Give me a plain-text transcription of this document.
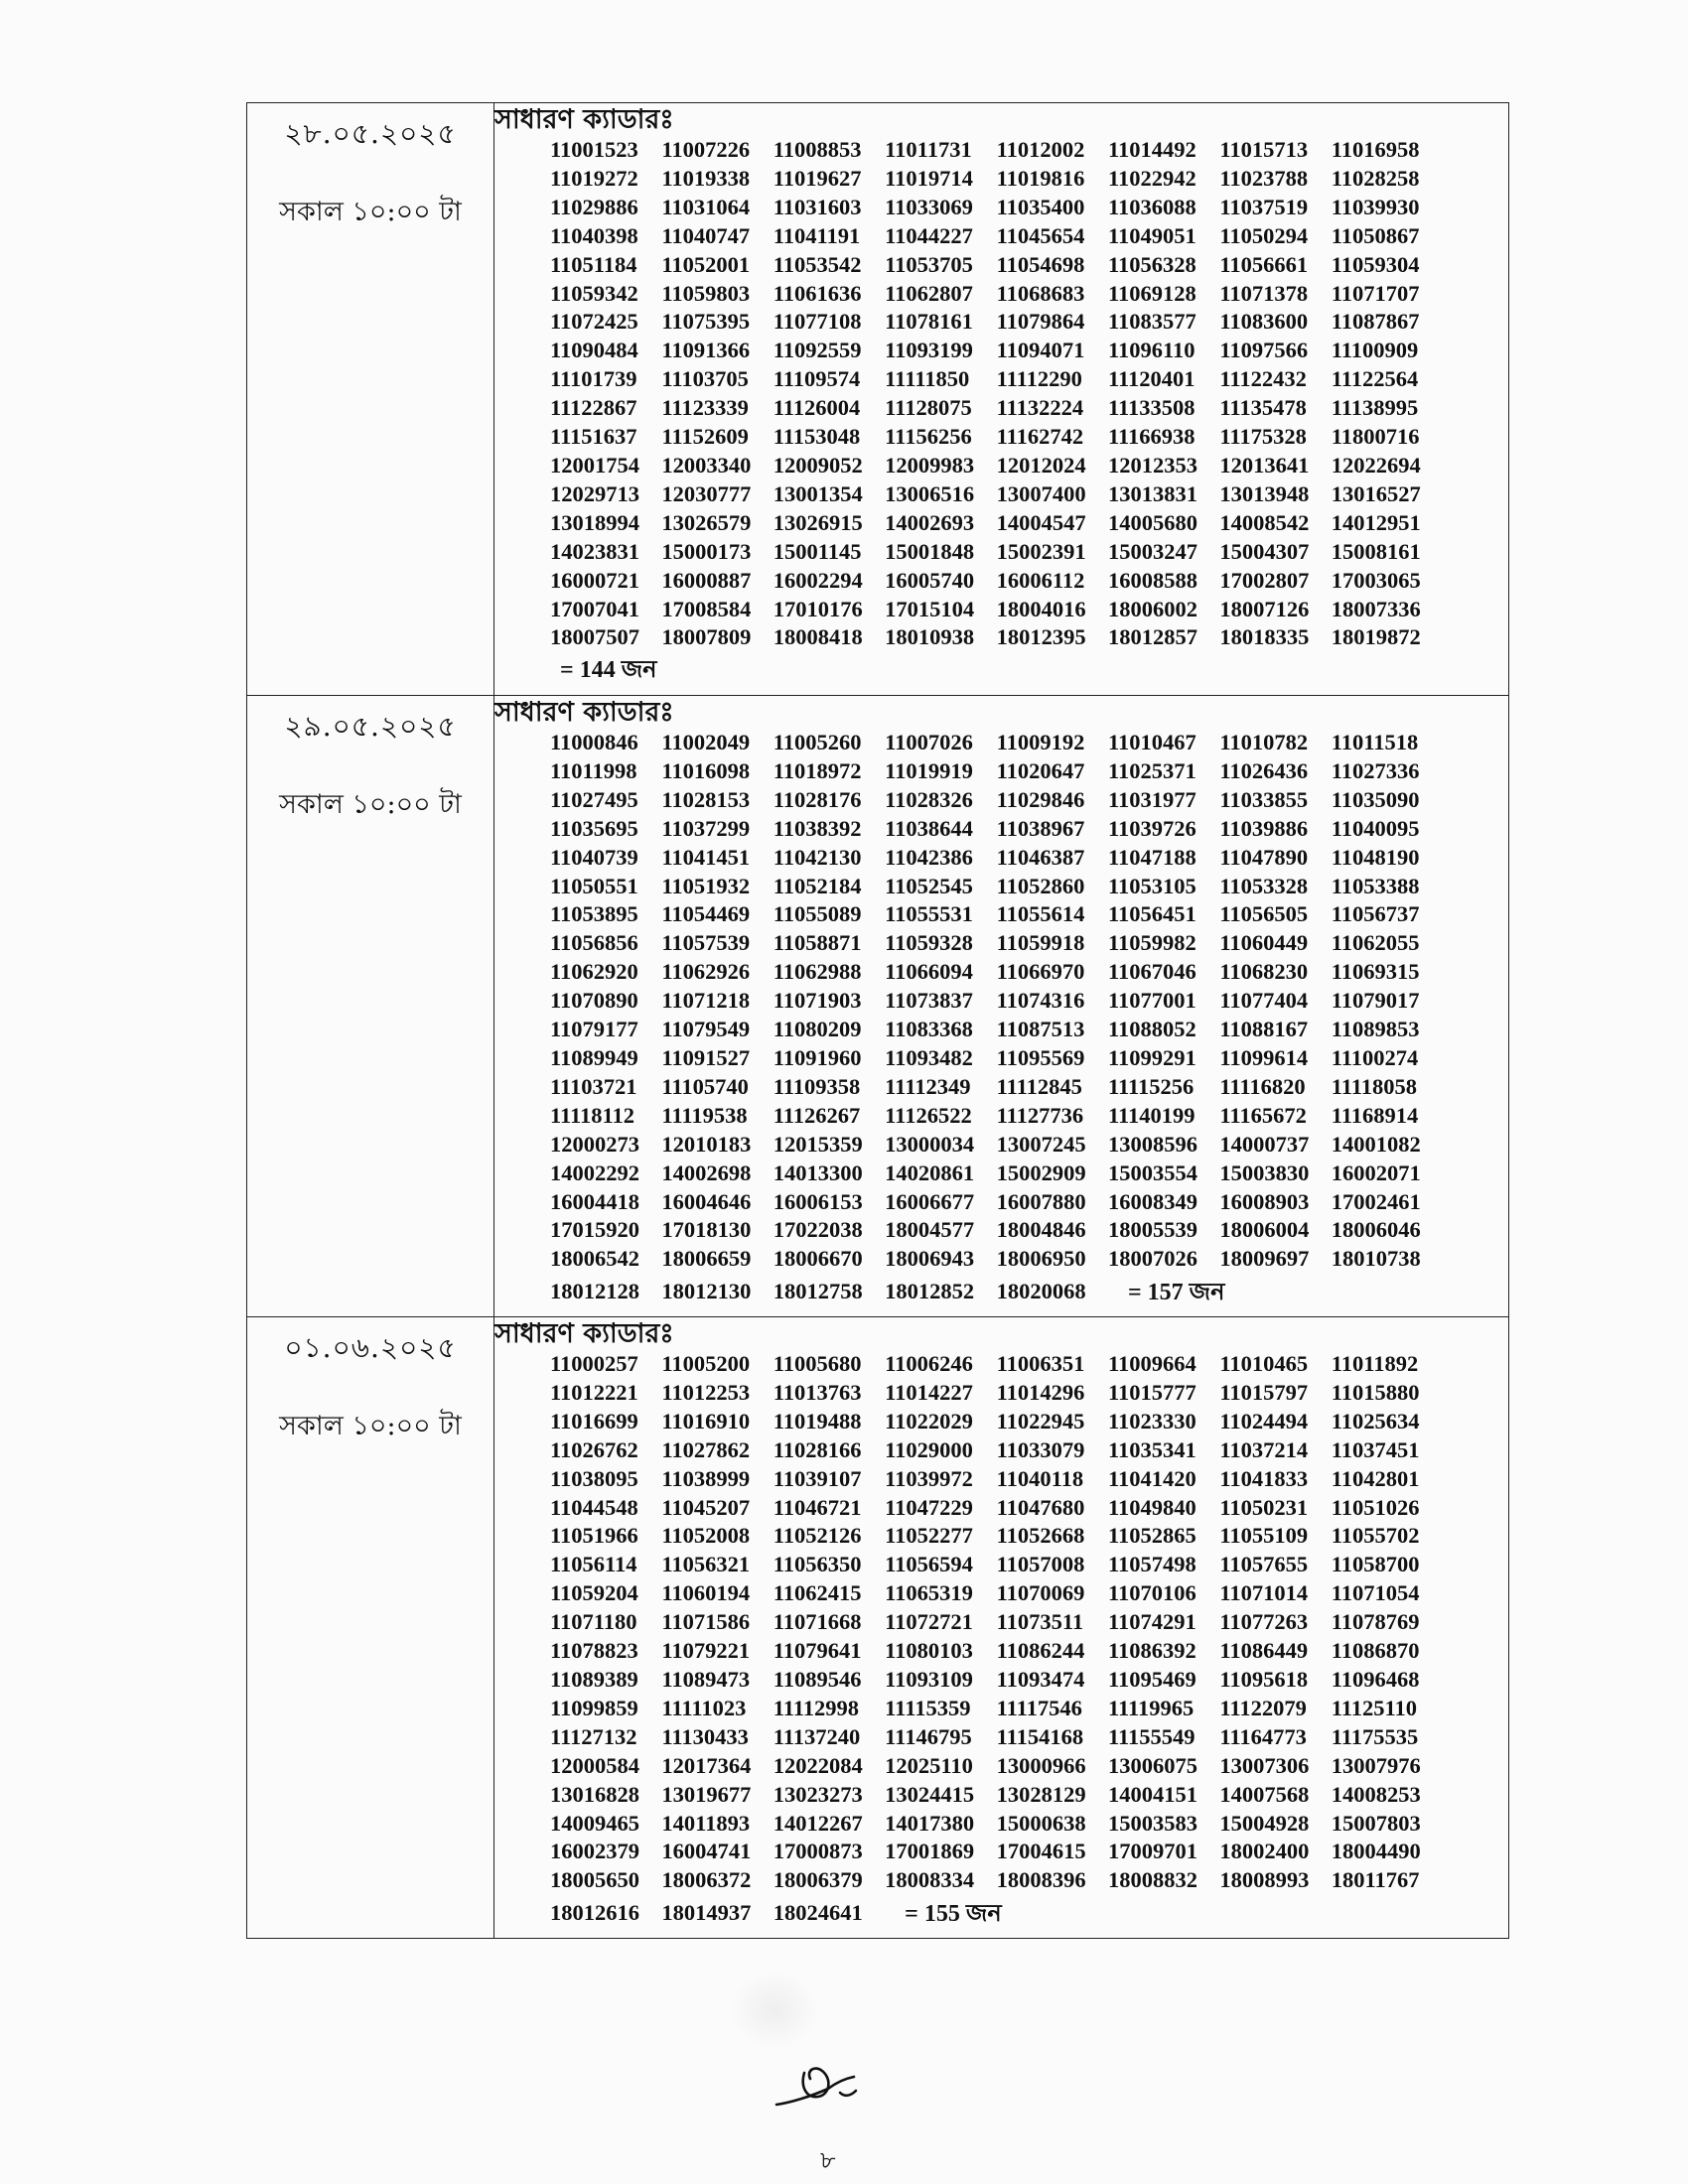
২৮.০৫.২০২৫
সকাল ১০:০০ টা
সাধারণ ক্যাডারঃ
11001523	11007226	11008853	11011731	11012002	11014492	11015713	11016958
11019272	11019338	11019627	11019714	11019816	11022942	11023788	11028258
11029886	11031064	11031603	11033069	11035400	11036088	11037519	11039930
11040398	11040747	11041191	11044227	11045654	11049051	11050294	11050867
11051184	11052001	11053542	11053705	11054698	11056328	11056661	11059304
11059342	11059803	11061636	11062807	11068683	11069128	11071378	11071707
11072425	11075395	11077108	11078161	11079864	11083577	11083600	11087867
11090484	11091366	11092559	11093199	11094071	11096110	11097566	11100909
11101739	11103705	11109574	11111850	11112290	11120401	11122432	11122564
11122867	11123339	11126004	11128075	11132224	11133508	11135478	11138995
11151637	11152609	11153048	11156256	11162742	11166938	11175328	11800716
12001754 12003340 12009052 12009983 12012024 12012353 12013641 12022694
12029713 12030777 13001354 13006516 13007400 13013831 13013948 13016527
13018994 13026579 13026915 14002693 14004547 14005680 14008542 14012951
14023831 15000173 15001145	15001848 15002391 15003247 15004307 15008161
16000721 16000887 16002294 16005740 16006112	16008588 17002807 17003065
17007041 17008584 17010176 17015104 18004016 18006002 18007126 18007336
18007507 18007809 18008418 18010938 18012395 18012857 18018335 18019872
= 144 জন
২৯.০৫.২০২৫
সকাল ১০:০০ টা
সাধারণ ক্যাডারঃ
11000846	11002049	11005260	11007026	11009192	11010467	11010782	11011518
11011998	11016098	11018972	11019919	11020647	11025371	11026436	11027336
11027495	11028153	11028176	11028326	11029846	11031977	11033855	11035090
11035695	11037299	11038392	11038644	11038967	11039726	11039886	11040095
11040739	11041451	11042130	11042386	11046387	11047188	11047890	11048190
11050551	11051932	11052184	11052545	11052860	11053105	11053328	11053388
11053895	11054469	11055089	11055531	11055614	11056451	11056505	11056737
11056856	11057539	11058871	11059328	11059918	11059982	11060449	11062055
11062920	11062926	11062988	11066094	11066970	11067046	11068230	11069315
11070890	11071218	11071903	11073837	11074316	11077001	11077404	11079017
11079177	11079549	11080209	11083368	11087513	11088052	11088167	11089853
11089949	11091527	11091960	11093482	11095569	11099291	11099614	11100274
11103721	11105740	11109358	11112349	11112845	11115256	11116820	11118058
11118112	11119538	11126267	11126522	11127736	11140199	11165672	11168914
12000273 12010183 12015359 13000034 13007245 13008596 14000737 14001082
14002292 14002698 14013300 14020861 15002909 15003554 15003830 16002071
16004418 16004646 16006153 16006677 16007880 16008349 16008903 17002461
17015920 17018130 17022038 18004577 18004846 18005539 18006004 18006046
18006542 18006659 18006670 18006943 18006950 18007026 18009697 18010738
18012128 18012130 18012758 18012852 18020068	= 157 জন
০১.০৬.২০২৫
সকাল ১০:০০ টা
সাধারণ ক্যাডারঃ
11000257	11005200	11005680	11006246	11006351	11009664	11010465	11011892
11012221	11012253	11013763	11014227	11014296	11015777	11015797	11015880
11016699	11016910	11019488	11022029	11022945	11023330	11024494	11025634
11026762	11027862	11028166	11029000	11033079	11035341	11037214	11037451
11038095	11038999	11039107	11039972	11040118	11041420	11041833	11042801
11044548	11045207	11046721	11047229	11047680	11049840	11050231	11051026
11051966	11052008	11052126	11052277	11052668	11052865	11055109	11055702
11056114	11056321	11056350	11056594	11057008	11057498	11057655	11058700
11059204	11060194	11062415	11065319	11070069	11070106	11071014	11071054
11071180	11071586	11071668	11072721	11073511	11074291	11077263	11078769
11078823	11079221	11079641	11080103	11086244	11086392	11086449	11086870
11089389	11089473	11089546	11093109	11093474	11095469	11095618	11096468
11099859	11111023	11112998	11115359	11117546	11119965	11122079	11125110
11127132	11130433	11137240	11146795	11154168	11155549	11164773	11175535
12000584 12017364 12022084 12025110	13000966 13006075 13007306 13007976
13016828 13019677 13023273 13024415 13028129 14004151 14007568 14008253
14009465 14011893	14012267 14017380 15000638 15003583 15004928 15007803
16002379 16004741 17000873 17001869 17004615 17009701 18002400 18004490
18005650 18006372 18006379 18008334 18008396 18008832 18008993 18011767
18012616 18014937 18024641	= 155 জন
৮
